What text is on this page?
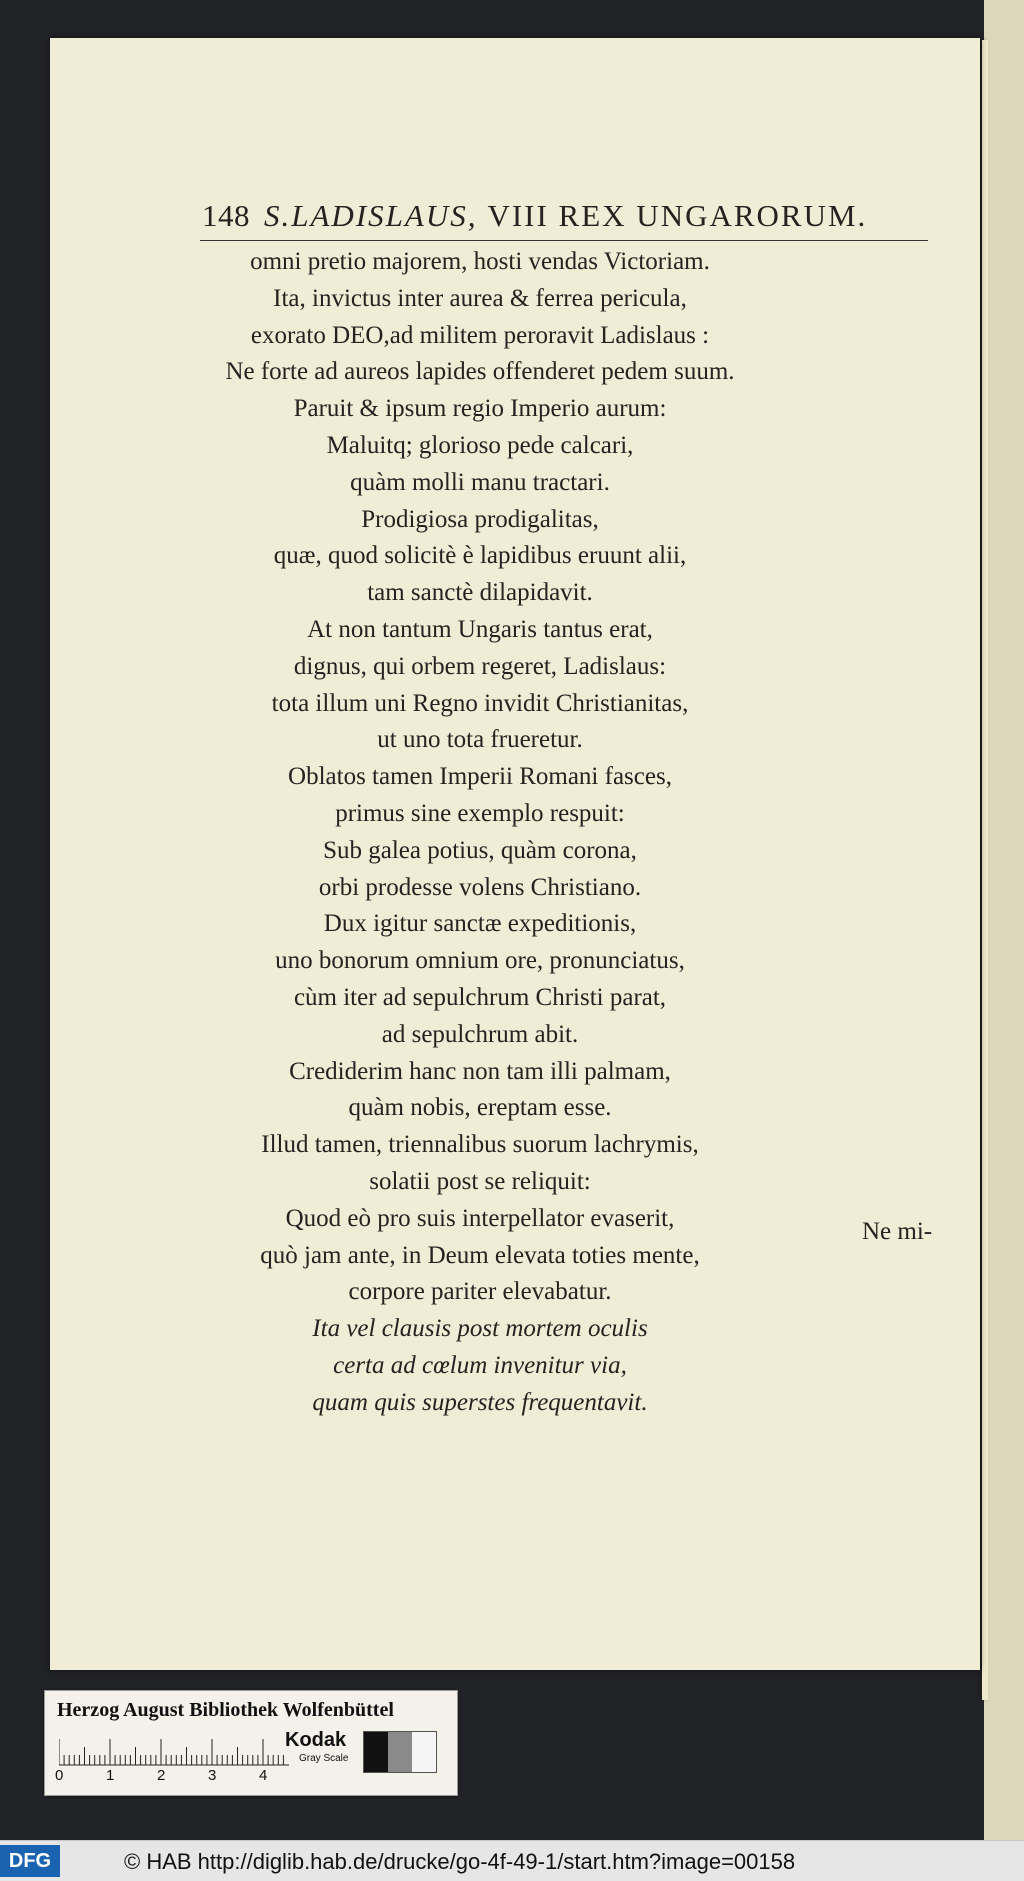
148 S.LADISLAUS, VIII REX UNGARORUM.
omni pretio majorem, hosti vendas Victoriam.
Ita, invictus inter aurea & ferrea pericula,
exorato DEO,ad militem peroravit Ladislaus :
Ne forte ad aureos lapides offenderet pedem suum.
Paruit & ipsum regio Imperio aurum:
Maluitq; glorioso pede calcari,
quàm molli manu tractari.
Prodigiosa prodigalitas,
quæ, quod solicitè è lapidibus eruunt alii,
tam sanctè dilapidavit.
At non tantum Ungaris tantus erat,
dignus, qui orbem regeret, Ladislaus:
tota illum uni Regno invidit Christianitas,
ut uno tota frueretur.
Oblatos tamen Imperii Romani fasces,
primus sine exemplo respuit:
Sub galea potius, quàm corona,
orbi prodesse volens Christiano.
Dux igitur sanctæ expeditionis,
uno bonorum omnium ore, pronunciatus,
cùm iter ad sepulchrum Christi parat,
ad sepulchrum abit.
Crediderim hanc non tam illi palmam,
quàm nobis, ereptam esse.
Illud tamen, triennalibus suorum lachrymis,
solatii post se reliquit:
Quod eò pro suis interpellator evaserit,
quò jam ante, in Deum elevata toties mente,
corpore pariter elevabatur.
Ita vel clausis post mortem oculis
certa ad cœlum invenitur via,
quam quis superstes frequentavit.
Ne mi-
Herzog August Bibliothek Wolfenbüttel
0	1	2	3	4
Kodak
Gray Scale
DFG	© HAB http://diglib.hab.de/drucke/go-4f-49-1/start.htm?image=00158
